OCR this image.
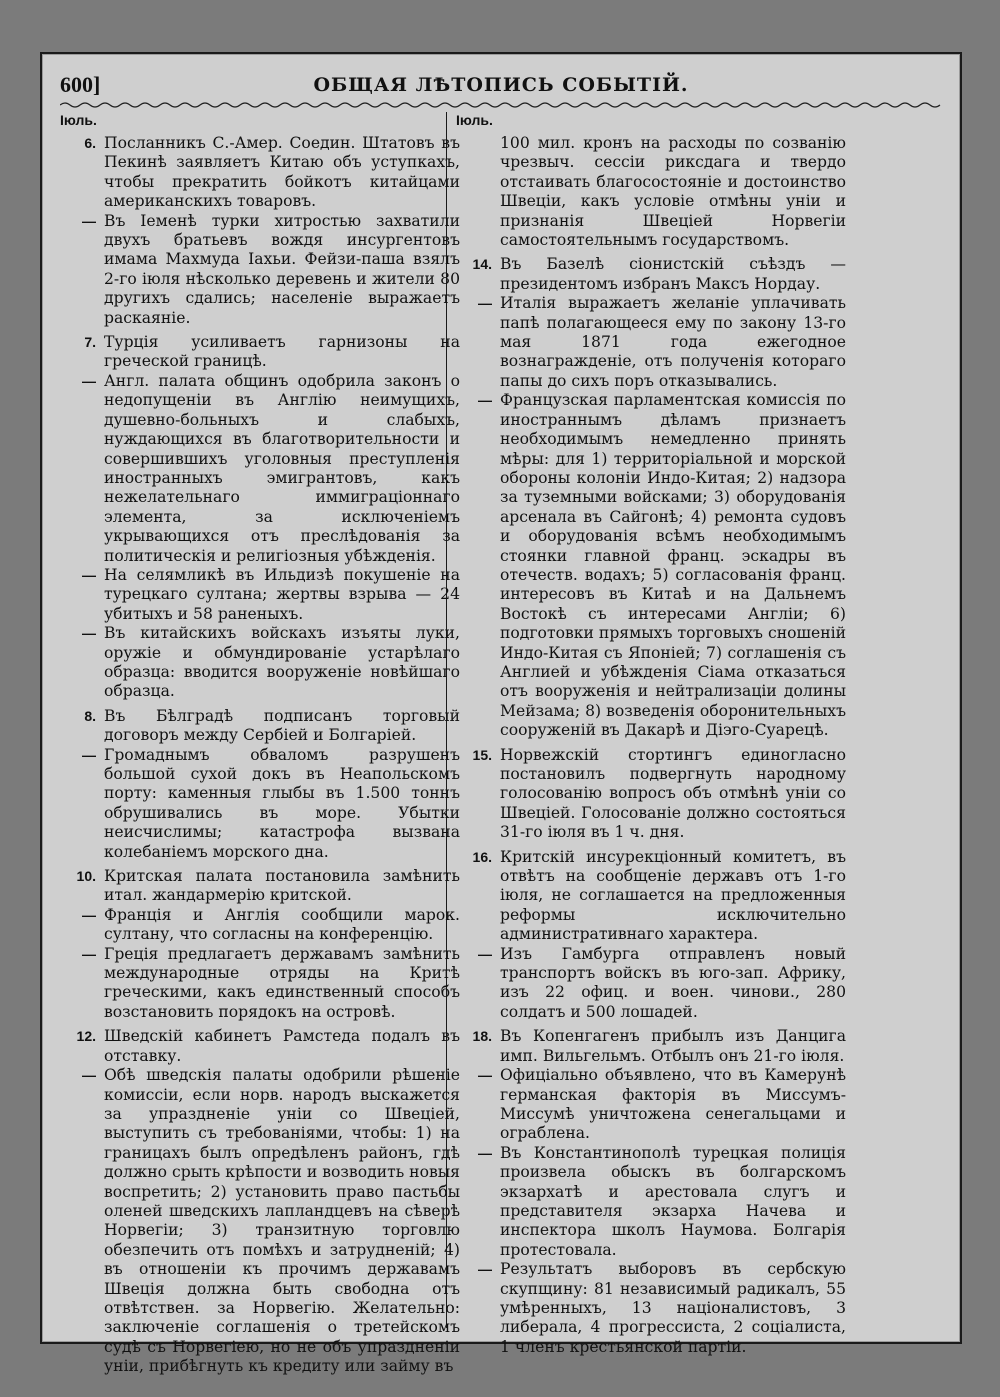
600]	ОБЩАЯ ЛѢТОПИСЬ СОБЫТІЙ.
Іюль.
6. Посланникъ С.-Амер. Соедин. Штатовъ въ Пекинѣ заявляетъ Китаю объ уступкахъ, чтобы прекратить бойкотъ китайцами американскихъ товаровъ.
— Въ Іеменѣ турки хитростью захватили двухъ братьевъ вождя инсургентовъ имама Махмуда Іахьи. Фейзи-паша взялъ 2-го іюля нѣсколько деревень и жители 80 другихъ сдались; населеніе выражаетъ раскаяніе.
7. Турція усиливаетъ гарнизоны на греческой границѣ.
— Англ. палата общинъ одобрила законъ о недопущеніи въ Англію неимущихъ, душевно-больныхъ и слабыхъ, нуждающихся въ благотворительности и совершившихъ уголовныя преступленія иностранныхъ эмигрантовъ, какъ нежелательнаго иммиграціоннаго элемента, за исключеніемъ укрывающихся отъ преслѣдованія за политическія и религіозныя убѣжденія.
— На селямликѣ въ Ильдизѣ покушеніе на турецкаго султана; жертвы взрыва — 24 убитыхъ и 58 раненыхъ.
— Въ китайскихъ войскахъ изъяты луки, оружіе и обмундированіе устарѣлаго образца: вводится вооруженіе новѣйшаго образца.
8. Въ Бѣлградѣ подписанъ торговый договоръ между Сербіей и Болгаріей.
— Громаднымъ обваломъ разрушенъ большой сухой докъ въ Неапольскомъ порту: каменныя глыбы въ 1.500 тоннъ обрушивались въ море. Убытки неисчислимы; катастрофа вызвана колебаніемъ морского дна.
10. Критская палата постановила замѣнить итал. жандармерію критской.
— Франція и Англія сообщили марок. султану, что согласны на конференцію.
— Греція предлагаетъ державамъ замѣнить международные отряды на Критѣ греческими, какъ единственный способъ возстановить порядокъ на островѣ.
12. Шведскій кабинетъ Рамстеда подалъ въ отставку.
— Обѣ шведскія палаты одобрили рѣшеніе комиссіи, если норв. народъ выскажется за упраздненіе уніи со Швеціей, выступить съ требованіями, чтобы: 1) на границахъ былъ опредѣленъ районъ, гдѣ должно срыть крѣпости и возводить новыя воспретить; 2) установить право пастьбы оленей шведскихъ лапландцевъ на сѣверѣ Норвегіи; 3) транзитную торговлю обезпечить отъ помѣхъ и затрудненій; 4) въ отношеніи къ прочимъ державамъ Швеція должна быть свободна отъ отвѣтствен. за Норвегію. Желательно: заключеніе соглашенія о третейскомъ судѣ съ Норвегіею, но не объ упраздненіи уніи, прибѣгнуть къ кредиту или займу въ
Іюль.
100 мил. кронъ на расходы по созванію чрезвыч. сессіи риксдага и твердо отстаивать благосостояніе и достоинство Швеціи, какъ условіе отмѣны уніи и признанія Швеціей Норвегіи самостоятельнымъ государствомъ.
14. Въ Базелѣ сіонистскій съѣздъ — президентомъ избранъ Максъ Нордау.
— Италія выражаетъ желаніе уплачивать папѣ полагающееся ему по закону 13-го мая 1871 года ежегодное вознагражденіе, отъ полученія котораго папы до сихъ поръ отказывались.
— Французская парламентская комиссія по иностраннымъ дѣламъ признаетъ необходимымъ немедленно принять мѣры: для 1) территоріальной и морской обороны колоніи Индо-Китая; 2) надзора за туземными войсками; 3) оборудованія арсенала въ Сайгонѣ; 4) ремонта судовъ и оборудованія всѣмъ необходимымъ стоянки главной франц. эскадры въ отечеств. водахъ; 5) согласованія франц. интересовъ въ Китаѣ и на Дальнемъ Востокѣ съ интересами Англіи; 6) подготовки прямыхъ торговыхъ сношеній Индо-Китая съ Японіей; 7) соглашенія съ Англией и убѣжденія Сіама отказаться отъ вооруженія и нейтрализаціи долины Мейзама; 8) возведенія оборонительныхъ сооруженій въ Дакарѣ и Діэго-Суарецѣ.
15. Норвежскій стортингъ единогласно постановилъ подвергнуть народному голосованію вопросъ объ отмѣнѣ уніи со Швеціей. Голосованіе должно состояться 31-го іюля въ 1 ч. дня.
16. Критскій инсурекціонный комитетъ, въ отвѣтъ на сообщеніе державъ отъ 1-го іюля, не соглашается на предложенныя реформы исключительно административнаго характера.
— Изъ Гамбурга отправленъ новый транспортъ войскъ въ юго-зап. Африку, изъ 22 офиц. и воен. чинови., 280 солдатъ и 500 лошадей.
18. Въ Копенгагенъ прибылъ изъ Данцига имп. Вильгельмъ. Отбылъ онъ 21-го іюля.
— Офиціально объявлено, что въ Камерунѣ германская факторія въ Миссумъ-Миссумѣ уничтожена сенегальцами и ограблена.
— Въ Константинополѣ турецкая полиція произвела обыскъ въ болгарскомъ экзархатѣ и арестовала слугъ и представителя экзарха Начева и инспектора школъ Наумова. Болгарія протестовала.
— Результатъ выборовъ въ сербскую скупщину: 81 независимый радикалъ, 55 умѣренныхъ, 13 націоналистовъ, 3 либерала, 4 прогрессиста, 2 соціалиста, 1 членъ крестьянской партіи.
